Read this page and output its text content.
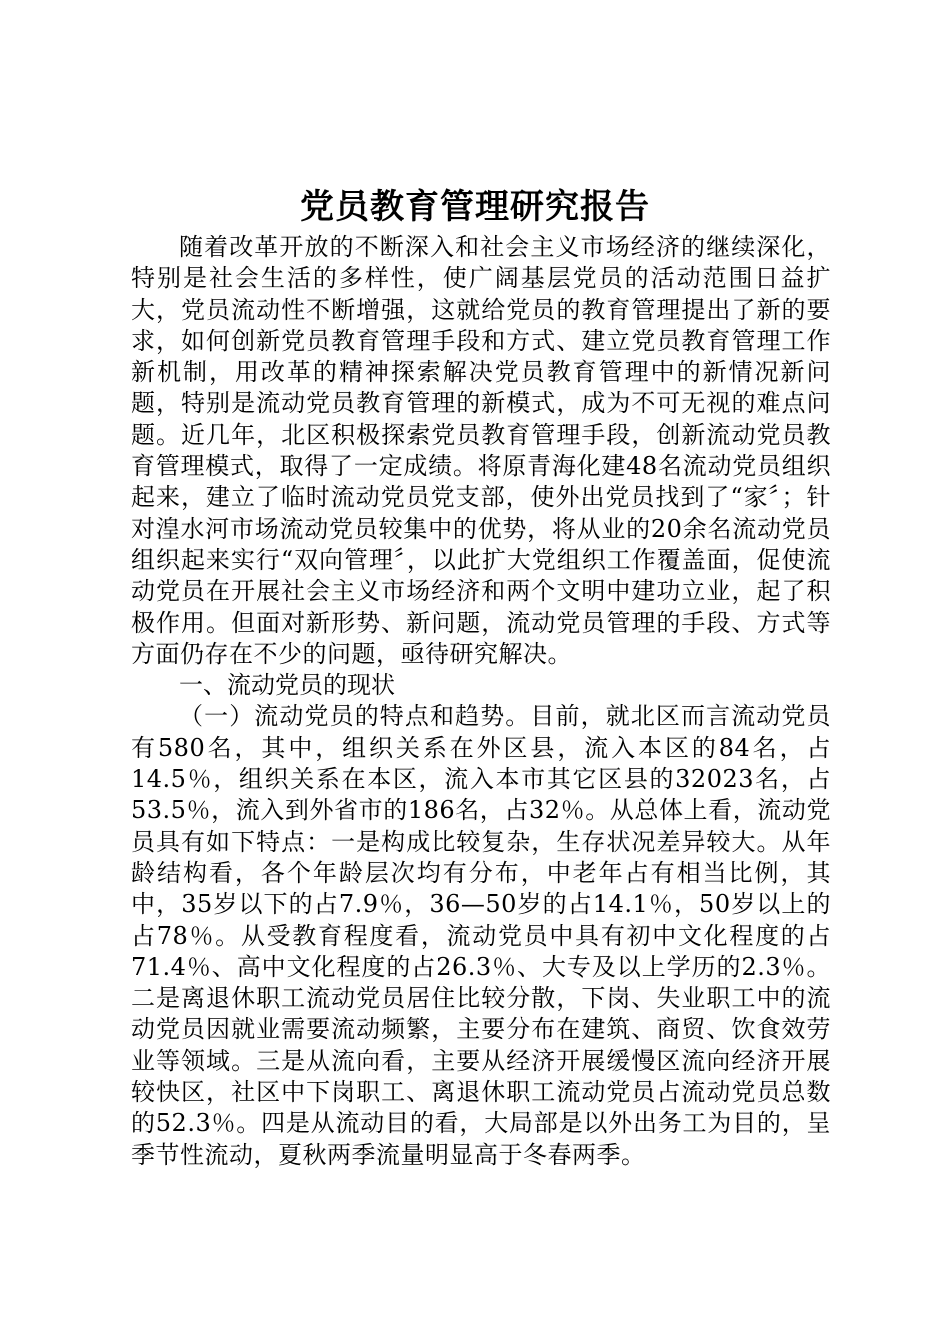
党员教育管理研究报告

随着改革开放的不断深入和社会主义市场经济的继续深化，特别是社会生活的多样性，使广阔基层党员的活动范围日益扩大，党员流动性不断增强，这就给党员的教育管理提出了新的要求，如何创新党员教育管理手段和方式、建立党员教育管理工作新机制，用改革的精神探索解决党员教育管理中的新情况新问题，特别是流动党员教育管理的新模式，成为不可无视的难点问题。近几年，北区积极探索党员教育管理手段，创新流动党员教育管理模式，取得了一定成绩。将原青海化建48名流动党员组织起来，建立了临时流动党员党支部，使外出党员找到了“家〞；针对湟水河市场流动党员较集中的优势，将从业的20余名流动党员组织起来实行“双向管理〞，以此扩大党组织工作覆盖面，促使流动党员在开展社会主义市场经济和两个文明中建功立业，起了积极作用。但面对新形势、新问题，流动党员管理的手段、方式等方面仍存在不少的问题，亟待研究解决。

一、流动党员的现状

（一）流动党员的特点和趋势。目前，就北区而言流动党员有580名，其中，组织关系在外区县，流入本区的84名，占14.5％，组织关系在本区，流入本市其它区县的32023名，占53.5％，流入到外省市的186名，占32％。从总体上看，流动党员具有如下特点：一是构成比较复杂，生存状况差异较大。从年龄结构看，各个年龄层次均有分布，中老年占有相当比例，其中，35岁以下的占7.9％，36—50岁的占14.1％，50岁以上的占78％。从受教育程度看，流动党员中具有初中文化程度的占71.4％、高中文化程度的占26.3％、大专及以上学历的2.3％。二是离退休职工流动党员居住比较分散，下岗、失业职工中的流动党员因就业需要流动频繁，主要分布在建筑、商贸、饮食效劳业等领域。三是从流向看，主要从经济开展缓慢区流向经济开展较快区，社区中下岗职工、离退休职工流动党员占流动党员总数的52.3％。四是从流动目的看，大局部是以外出务工为目的，呈季节性流动，夏秋两季流量明显高于冬春两季。
